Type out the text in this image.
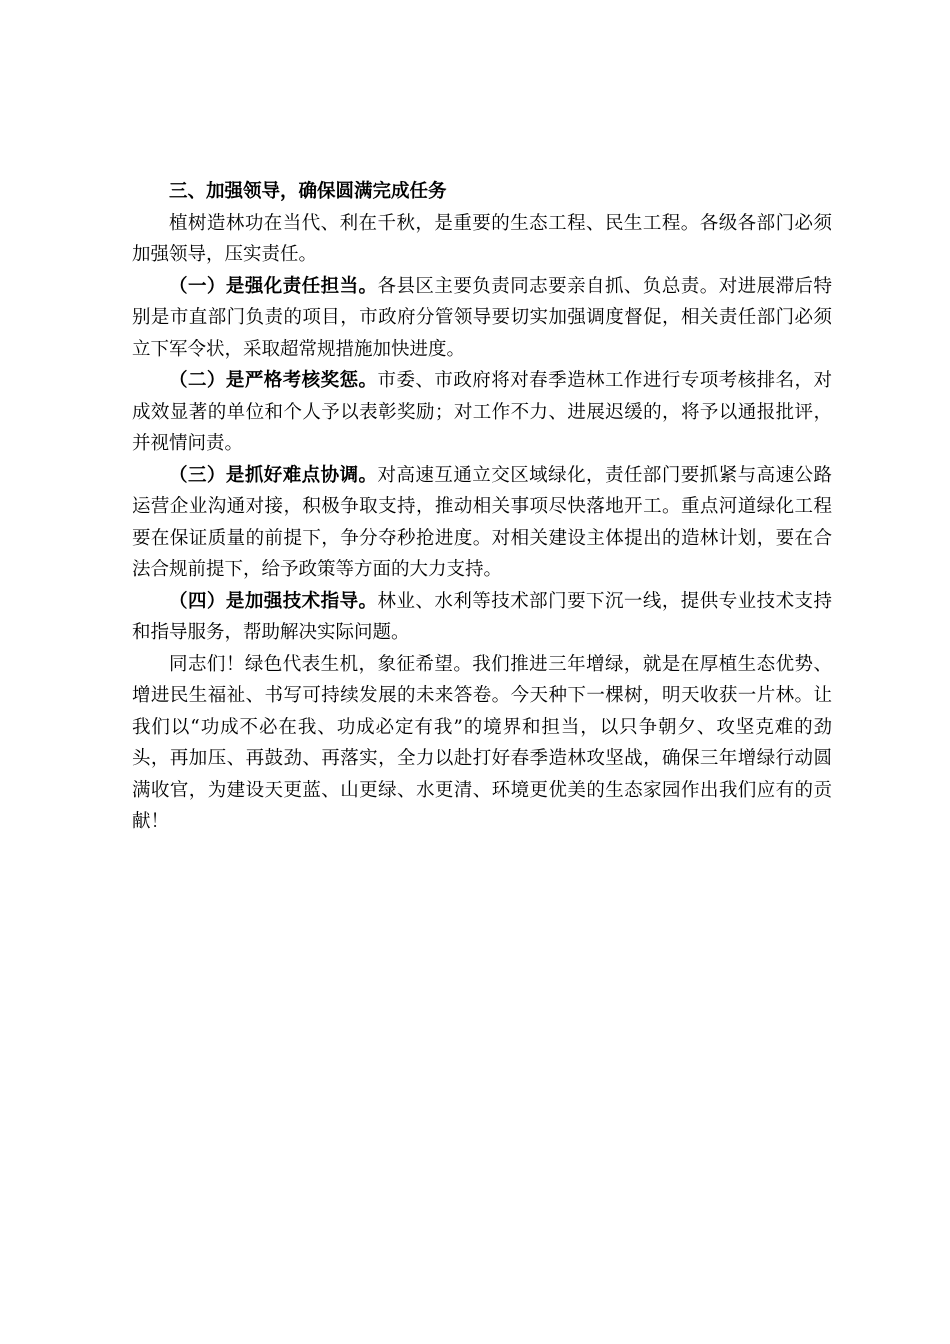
三、加强领导，确保圆满完成任务

植树造林功在当代、利在千秋，是重要的生态工程、民生工程。各级各部门必须加强领导，压实责任。

（一）是强化责任担当。各县区主要负责同志要亲自抓、负总责。对进展滞后特别是市直部门负责的项目，市政府分管领导要切实加强调度督促，相关责任部门必须立下军令状，采取超常规措施加快进度。

（二）是严格考核奖惩。市委、市政府将对春季造林工作进行专项考核排名，对成效显著的单位和个人予以表彰奖励；对工作不力、进展迟缓的，将予以通报批评，并视情问责。

（三）是抓好难点协调。对高速互通立交区域绿化，责任部门要抓紧与高速公路运营企业沟通对接，积极争取支持，推动相关事项尽快落地开工。重点河道绿化工程要在保证质量的前提下，争分夺秒抢进度。对相关建设主体提出的造林计划，要在合法合规前提下，给予政策等方面的大力支持。

（四）是加强技术指导。林业、水利等技术部门要下沉一线，提供专业技术支持和指导服务，帮助解决实际问题。

同志们！绿色代表生机，象征希望。我们推进三年增绿，就是在厚植生态优势、增进民生福祉、书写可持续发展的未来答卷。今天种下一棵树，明天收获一片林。让我们以“功成不必在我、功成必定有我”的境界和担当，以只争朝夕、攻坚克难的劲头，再加压、再鼓劲、再落实，全力以赴打好春季造林攻坚战，确保三年增绿行动圆满收官，为建设天更蓝、山更绿、水更清、环境更优美的生态家园作出我们应有的贡献！
